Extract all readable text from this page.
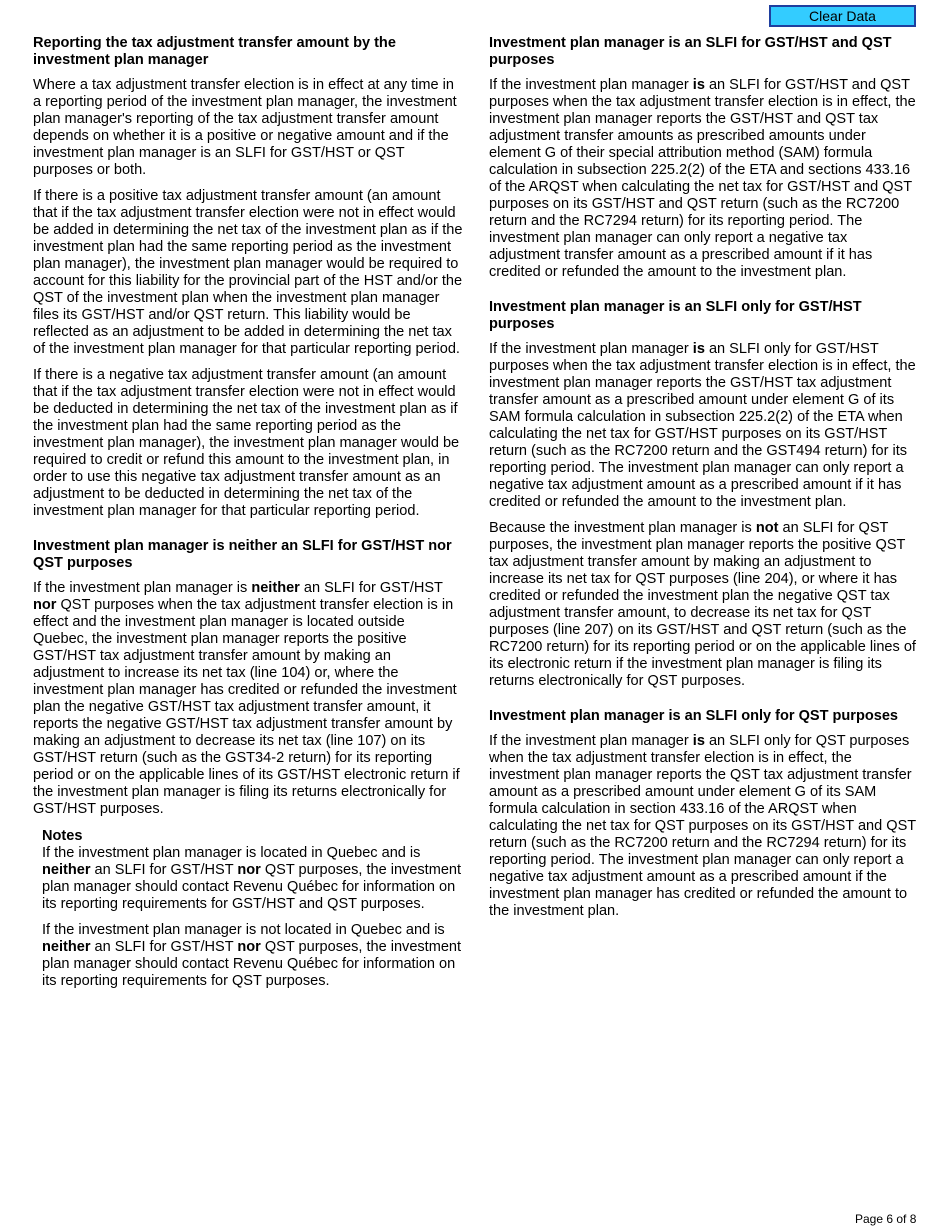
Clear Data
Reporting the tax adjustment transfer amount by the investment plan manager

Where a tax adjustment transfer election is in effect at any time in a reporting period of the investment plan manager, the investment plan manager's reporting of the tax adjustment transfer amount depends on whether it is a positive or negative amount and if the investment plan manager is an SLFI for GST/HST or QST purposes or both.

If there is a positive tax adjustment transfer amount (an amount that if the tax adjustment transfer election were not in effect would be added in determining the net tax of the investment plan as if the investment plan had the same reporting period as the investment plan manager), the investment plan manager would be required to account for this liability for the provincial part of the HST and/or the QST of the investment plan when the investment plan manager files its GST/HST and/or QST return. This liability would be reflected as an adjustment to be added in determining the net tax of the investment plan manager for that particular reporting period.

If there is a negative tax adjustment transfer amount (an amount that if the tax adjustment transfer election were not in effect would be deducted in determining the net tax of the investment plan as if the investment plan had the same reporting period as the investment plan manager), the investment plan manager would be required to credit or refund this amount to the investment plan, in order to use this negative tax adjustment transfer amount as an adjustment to be deducted in determining the net tax of the investment plan manager for that particular reporting period.

Investment plan manager is neither an SLFI for GST/HST nor QST purposes

If the investment plan manager is neither an SLFI for GST/HST nor QST purposes when the tax adjustment transfer election is in effect and the investment plan manager is located outside Quebec, the investment plan manager reports the positive GST/HST tax adjustment transfer amount by making an adjustment to increase its net tax (line 104) or, where the investment plan manager has credited or refunded the investment plan the negative GST/HST tax adjustment transfer amount, it reports the negative GST/HST tax adjustment transfer amount by making an adjustment to decrease its net tax (line 107) on its GST/HST return (such as the GST34-2 return) for its reporting period or on the applicable lines of its GST/HST electronic return if the investment plan manager is filing its returns electronically for GST/HST purposes.

Notes

If the investment plan manager is located in Quebec and is neither an SLFI for GST/HST nor QST purposes, the investment plan manager should contact Revenu Québec for information on its reporting requirements for GST/HST and QST purposes.

If the investment plan manager is not located in Quebec and is neither an SLFI for GST/HST nor QST purposes, the investment plan manager should contact Revenu Québec for information on its reporting requirements for QST purposes.

Investment plan manager is an SLFI for GST/HST and QST purposes

If the investment plan manager is an SLFI for GST/HST and QST purposes when the tax adjustment transfer election is in effect, the investment plan manager reports the GST/HST and QST tax adjustment transfer amounts as prescribed amounts under element G of their special attribution method (SAM) formula calculation in subsection 225.2(2) of the ETA and sections 433.16 of the ARQST when calculating the net tax for GST/HST and QST purposes on its GST/HST and QST return (such as the RC7200 return and the RC7294 return) for its reporting period. The investment plan manager can only report a negative tax adjustment transfer amount as a prescribed amount if it has credited or refunded the amount to the investment plan.

Investment plan manager is an SLFI only for GST/HST purposes

If the investment plan manager is an SLFI only for GST/HST purposes when the tax adjustment transfer election is in effect, the investment plan manager reports the GST/HST tax adjustment transfer amount as a prescribed amount under element G of its SAM formula calculation in subsection 225.2(2) of the ETA when calculating the net tax for GST/HST purposes on its GST/HST return (such as the RC7200 return and the GST494 return) for its reporting period. The investment plan manager can only report a negative tax adjustment amount as a prescribed amount if it has credited or refunded the amount to the investment plan.

Because the investment plan manager is not an SLFI for QST purposes, the investment plan manager reports the positive QST tax adjustment transfer amount by making an adjustment to increase its net tax for QST purposes (line 204), or where it has credited or refunded the investment plan the negative QST tax adjustment transfer amount, to decrease its net tax for QST purposes (line 207) on its GST/HST and QST return (such as the RC7200 return) for its reporting period or on the applicable lines of its electronic return if the investment plan manager is filing its returns electronically for QST purposes.

Investment plan manager is an SLFI only for QST purposes

If the investment plan manager is an SLFI only for QST purposes when the tax adjustment transfer election is in effect, the investment plan manager reports the QST tax adjustment transfer amount as a prescribed amount under element G of its SAM formula calculation in section 433.16 of the ARQST when calculating the net tax for QST purposes on its GST/HST and QST return (such as the RC7200 return and the RC7294 return) for its reporting period. The investment plan manager can only report a negative tax adjustment amount as a prescribed amount if the investment plan manager has credited or refunded the amount to the investment plan.

Page 6 of 8
